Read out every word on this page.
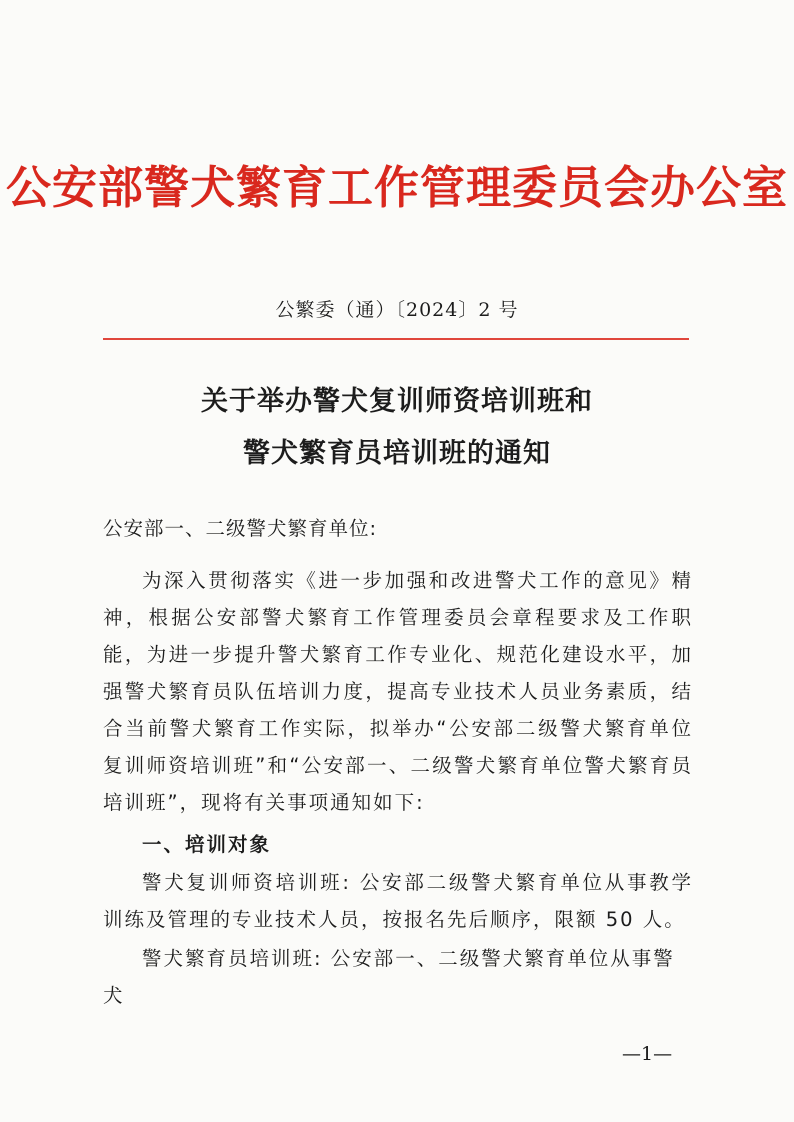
公安部警犬繁育工作管理委员会办公室
公繁委（通）〔2024〕2 号
关于举办警犬复训师资培训班和
警犬繁育员培训班的通知
公安部一、二级警犬繁育单位:
为深入贯彻落实《进一步加强和改进警犬工作的意见》精神，根据公安部警犬繁育工作管理委员会章程要求及工作职能，为进一步提升警犬繁育工作专业化、规范化建设水平，加强警犬繁育员队伍培训力度，提高专业技术人员业务素质，结合当前警犬繁育工作实际，拟举办“公安部二级警犬繁育单位复训师资培训班”和“公安部一、二级警犬繁育单位警犬繁育员培训班”，现将有关事项通知如下:
一、培训对象
警犬复训师资培训班: 公安部二级警犬繁育单位从事教学训练及管理的专业技术人员，按报名先后顺序，限额 50 人。
警犬繁育员培训班: 公安部一、二级警犬繁育单位从事警犬
—1—
